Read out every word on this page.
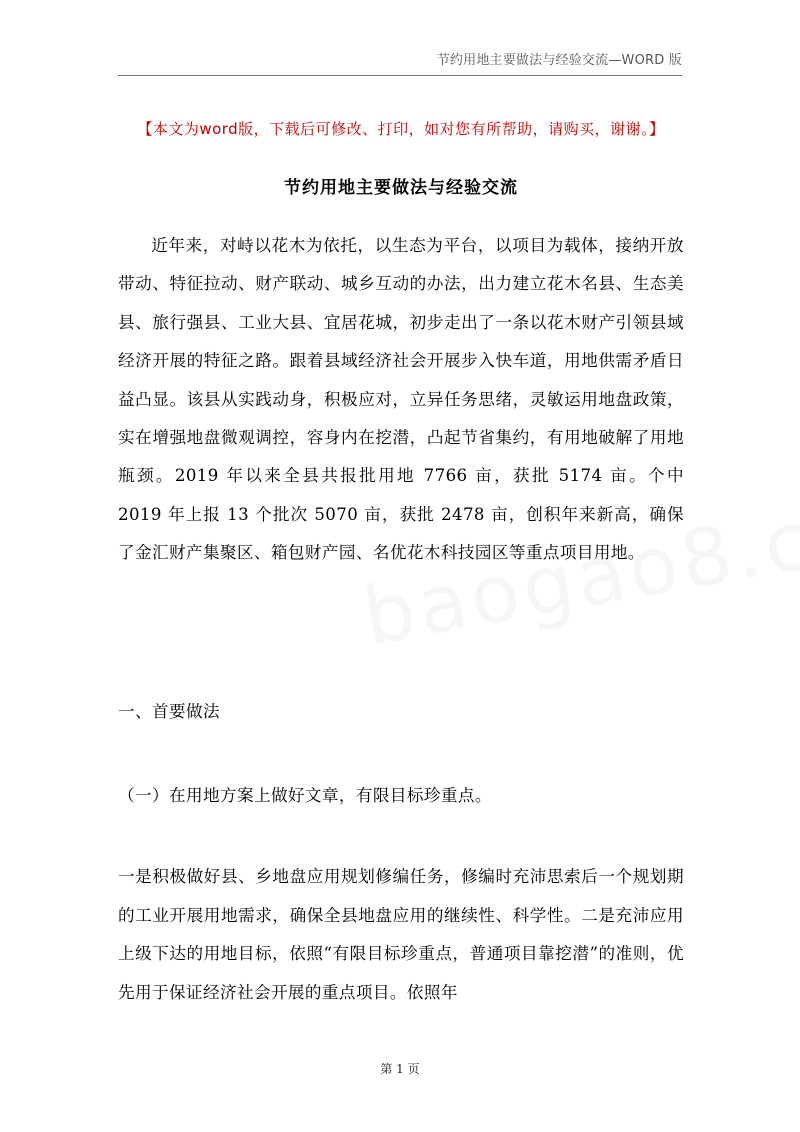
节约用地主要做法与经验交流—WORD 版
【本文为word版，下载后可修改、打印，如对您有所帮助，请购买，谢谢。】
节约用地主要做法与经验交流

近年来，对峙以花木为依托，以生态为平台，以项目为载体，接纳开放带动、特征拉动、财产联动、城乡互动的办法，出力建立花木名县、生态美县、旅行强县、工业大县、宜居花城，初步走出了一条以花木财产引领县域经济开展的特征之路。跟着县域经济社会开展步入快车道，用地供需矛盾日益凸显。该县从实践动身，积极应对，立异任务思绪，灵敏运用地盘政策，实在增强地盘微观调控，容身内在挖潜，凸起节省集约，有用地破解了用地瓶颈。2019 年以来全县共报批用地 7766 亩，获批 5174 亩。个中 2019 年上报 13 个批次 5070 亩，获批 2478 亩，创积年来新高，确保了金汇财产集聚区、箱包财产园、名优花木科技园区等重点项目用地。

一、首要做法
（一）在用地方案上做好文章，有限目标珍重点。

一是积极做好县、乡地盘应用规划修编任务，修编时充沛思索后一个规划期的工业开展用地需求，确保全县地盘应用的继续性、科学性。二是充沛应用上级下达的用地目标，依照“有限目标珍重点，普通项目靠挖潜”的准则，优先用于保证经济社会开展的重点项目。依照年

第 1 页
